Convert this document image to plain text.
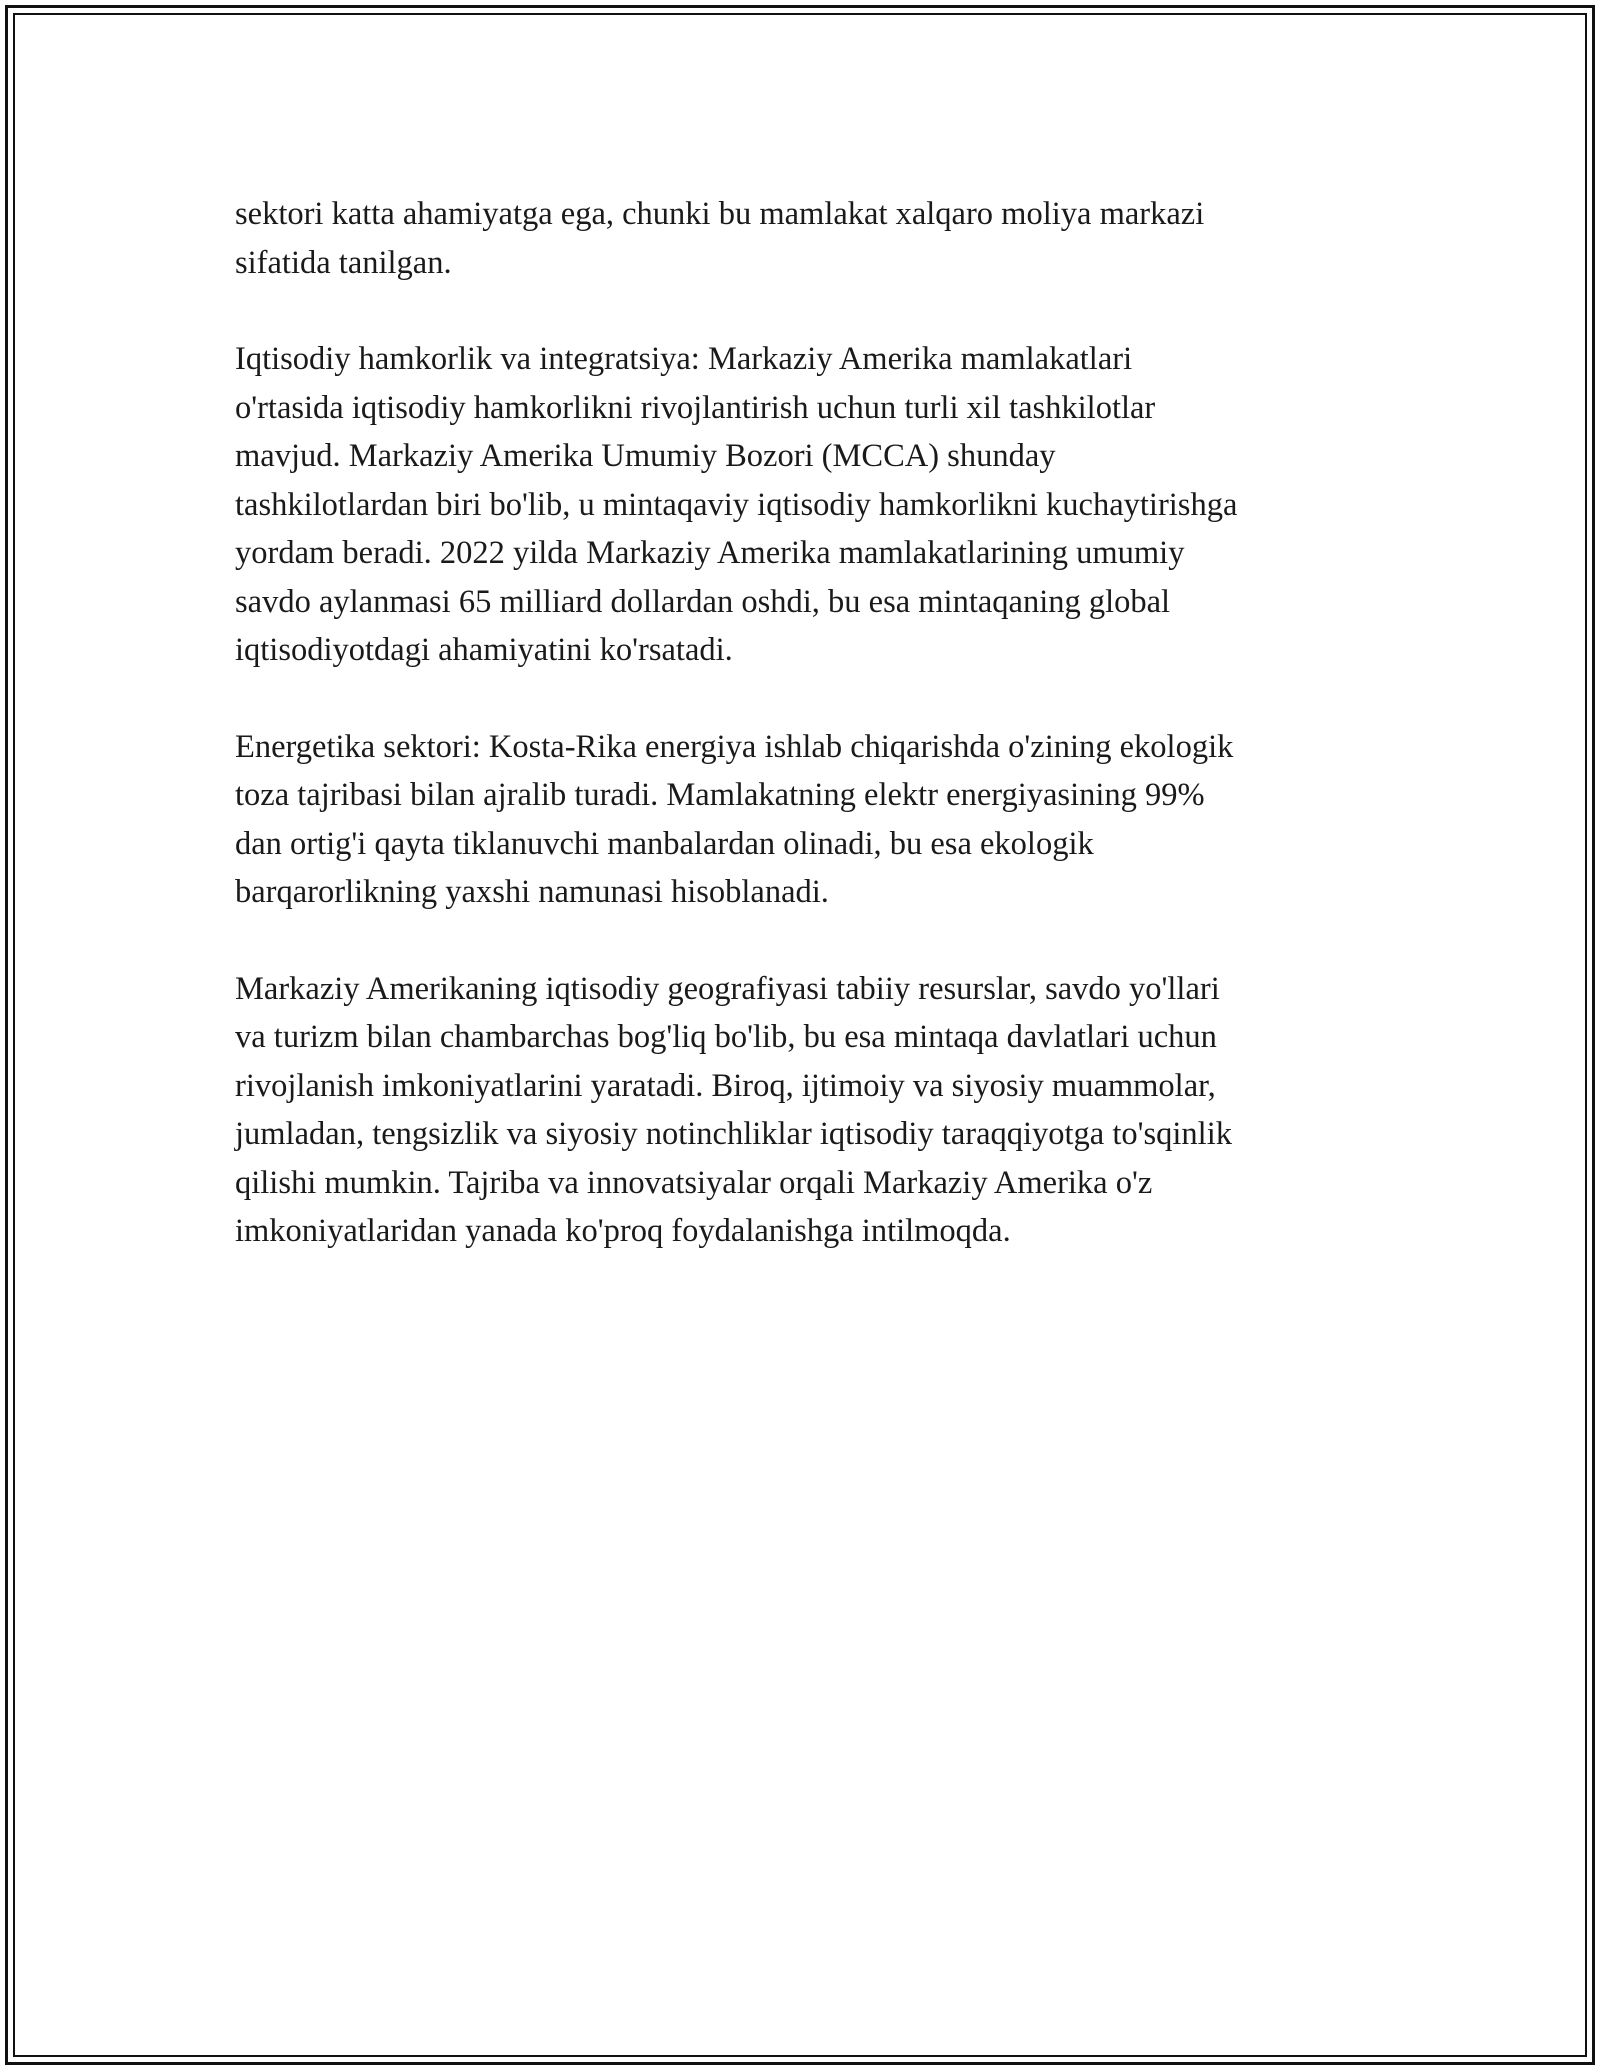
sektori katta ahamiyatga ega, chunki bu mamlakat xalqaro moliya markazi
sifatida tanilgan.

Iqtisodiy hamkorlik va integratsiya: Markaziy Amerika mamlakatlari
o'rtasida iqtisodiy hamkorlikni rivojlantirish uchun turli xil tashkilotlar
mavjud. Markaziy Amerika Umumiy Bozori (MCCA) shunday
tashkilotlardan biri bo'lib, u mintaqaviy iqtisodiy hamkorlikni kuchaytirishga
yordam beradi. 2022 yilda Markaziy Amerika mamlakatlarining umumiy
savdo aylanmasi 65 milliard dollardan oshdi, bu esa mintaqaning global
iqtisodiyotdagi ahamiyatini ko'rsatadi.

Energetika sektori: Kosta-Rika energiya ishlab chiqarishda o'zining ekologik
toza tajribasi bilan ajralib turadi. Mamlakatning elektr energiyasining 99%
dan ortig'i qayta tiklanuvchi manbalardan olinadi, bu esa ekologik
barqarorlikning yaxshi namunasi hisoblanadi.

Markaziy Amerikaning iqtisodiy geografiyasi tabiiy resurslar, savdo yo'llari
va turizm bilan chambarchas bog'liq bo'lib, bu esa mintaqa davlatlari uchun
rivojlanish imkoniyatlarini yaratadi. Biroq, ijtimoiy va siyosiy muammolar,
jumladan, tengsizlik va siyosiy notinchliklar iqtisodiy taraqqiyotga to'sqinlik
qilishi mumkin. Tajriba va innovatsiyalar orqali Markaziy Amerika o'z
imkoniyatlaridan yanada ko'proq foydalanishga intilmoqda.
